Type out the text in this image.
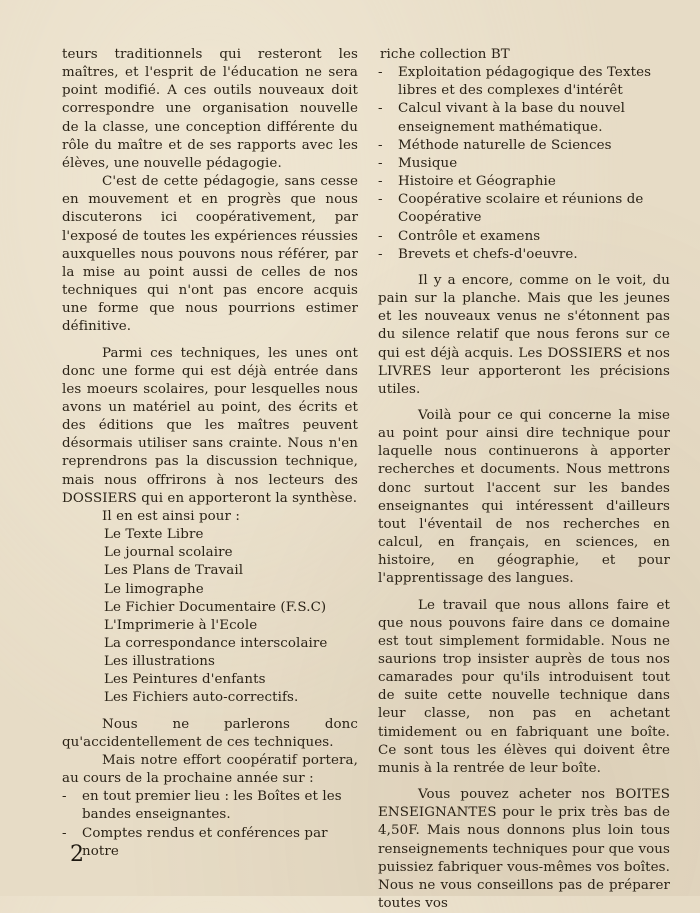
teurs traditionnels qui resteront les maîtres, et l'esprit de l'éducation ne sera point modifié. A ces outils nouveaux doit correspondre une organisation nouvelle de la classe, une conception différente du rôle du maître et de ses rapports avec les élèves, une nouvelle pédagogie.

C'est de cette pédagogie, sans cesse en mouvement et en progrès que nous discuterons ici coopérativement, par l'exposé de toutes les expériences réussies auxquelles nous pouvons nous référer, par la mise au point aussi de celles de nos techniques qui n'ont pas encore acquis une forme que nous pourrions estimer définitive.

Parmi ces techniques, les unes ont donc une forme qui est déjà entrée dans les moeurs scolaires, pour lesquelles nous avons un matériel au point, des écrits et des éditions que les maîtres peuvent désormais utiliser sans crainte. Nous n'en reprendrons pas la discussion technique, mais nous offrirons à nos lecteurs des DOSSIERS qui en apporteront la synthèse.

Il en est ainsi pour :

Le Texte Libre
Le journal scolaire
Les Plans de Travail
Le limographe
Le Fichier Documentaire (F.S.C)
L'Imprimerie à l'Ecole
La correspondance interscolaire
Les illustrations
Les Peintures d'enfants
Les Fichiers auto-correctifs.

Nous ne parlerons donc qu'accidentellement de ces techniques.

Mais notre effort coopératif portera, au cours de la prochaine année sur :

- en tout premier lieu : les Boîtes et les bandes enseignantes.
- Comptes rendus et conférences par notre

riche collection BT

- Exploitation pédagogique des Textes libres et des complexes d'intérêt
- Calcul vivant à la base du nouvel enseignement mathématique.
- Méthode naturelle de Sciences
- Musique
- Histoire et Géographie
- Coopérative scolaire et réunions de Coopérative
- Contrôle et examens
- Brevets et chefs-d'oeuvre.

Il y a encore, comme on le voit, du pain sur la planche. Mais que les jeunes et les nouveaux venus ne s'étonnent pas du silence relatif que nous ferons sur ce qui est déjà acquis. Les DOSSIERS et nos LIVRES leur apporteront les précisions utiles.

Voilà pour ce qui concerne la mise au point pour ainsi dire technique pour laquelle nous continuerons à apporter recherches et documents. Nous mettrons donc surtout l'accent sur les bandes enseignantes qui intéressent d'ailleurs tout l'éventail de nos recherches en calcul, en français, en sciences, en histoire, en géographie, et pour l'apprentissage des langues.

Le travail que nous allons faire et que nous pouvons faire dans ce domaine est tout simplement formidable. Nous ne saurions trop insister auprès de tous nos camarades pour qu'ils introduisent tout de suite cette nouvelle technique dans leur classe, non pas en achetant timidement ou en fabriquant une boîte. Ce sont tous les élèves qui doivent être munis à la rentrée de leur boîte.

Vous pouvez acheter nos BOITES ENSEIGNANTES pour le prix très bas de 4,50F. Mais nous donnons plus loin tous renseignements techniques pour que vous puissiez fabriquer vous-mêmes vos boîtes. Nous ne vous conseillons pas de préparer toutes vos

2
